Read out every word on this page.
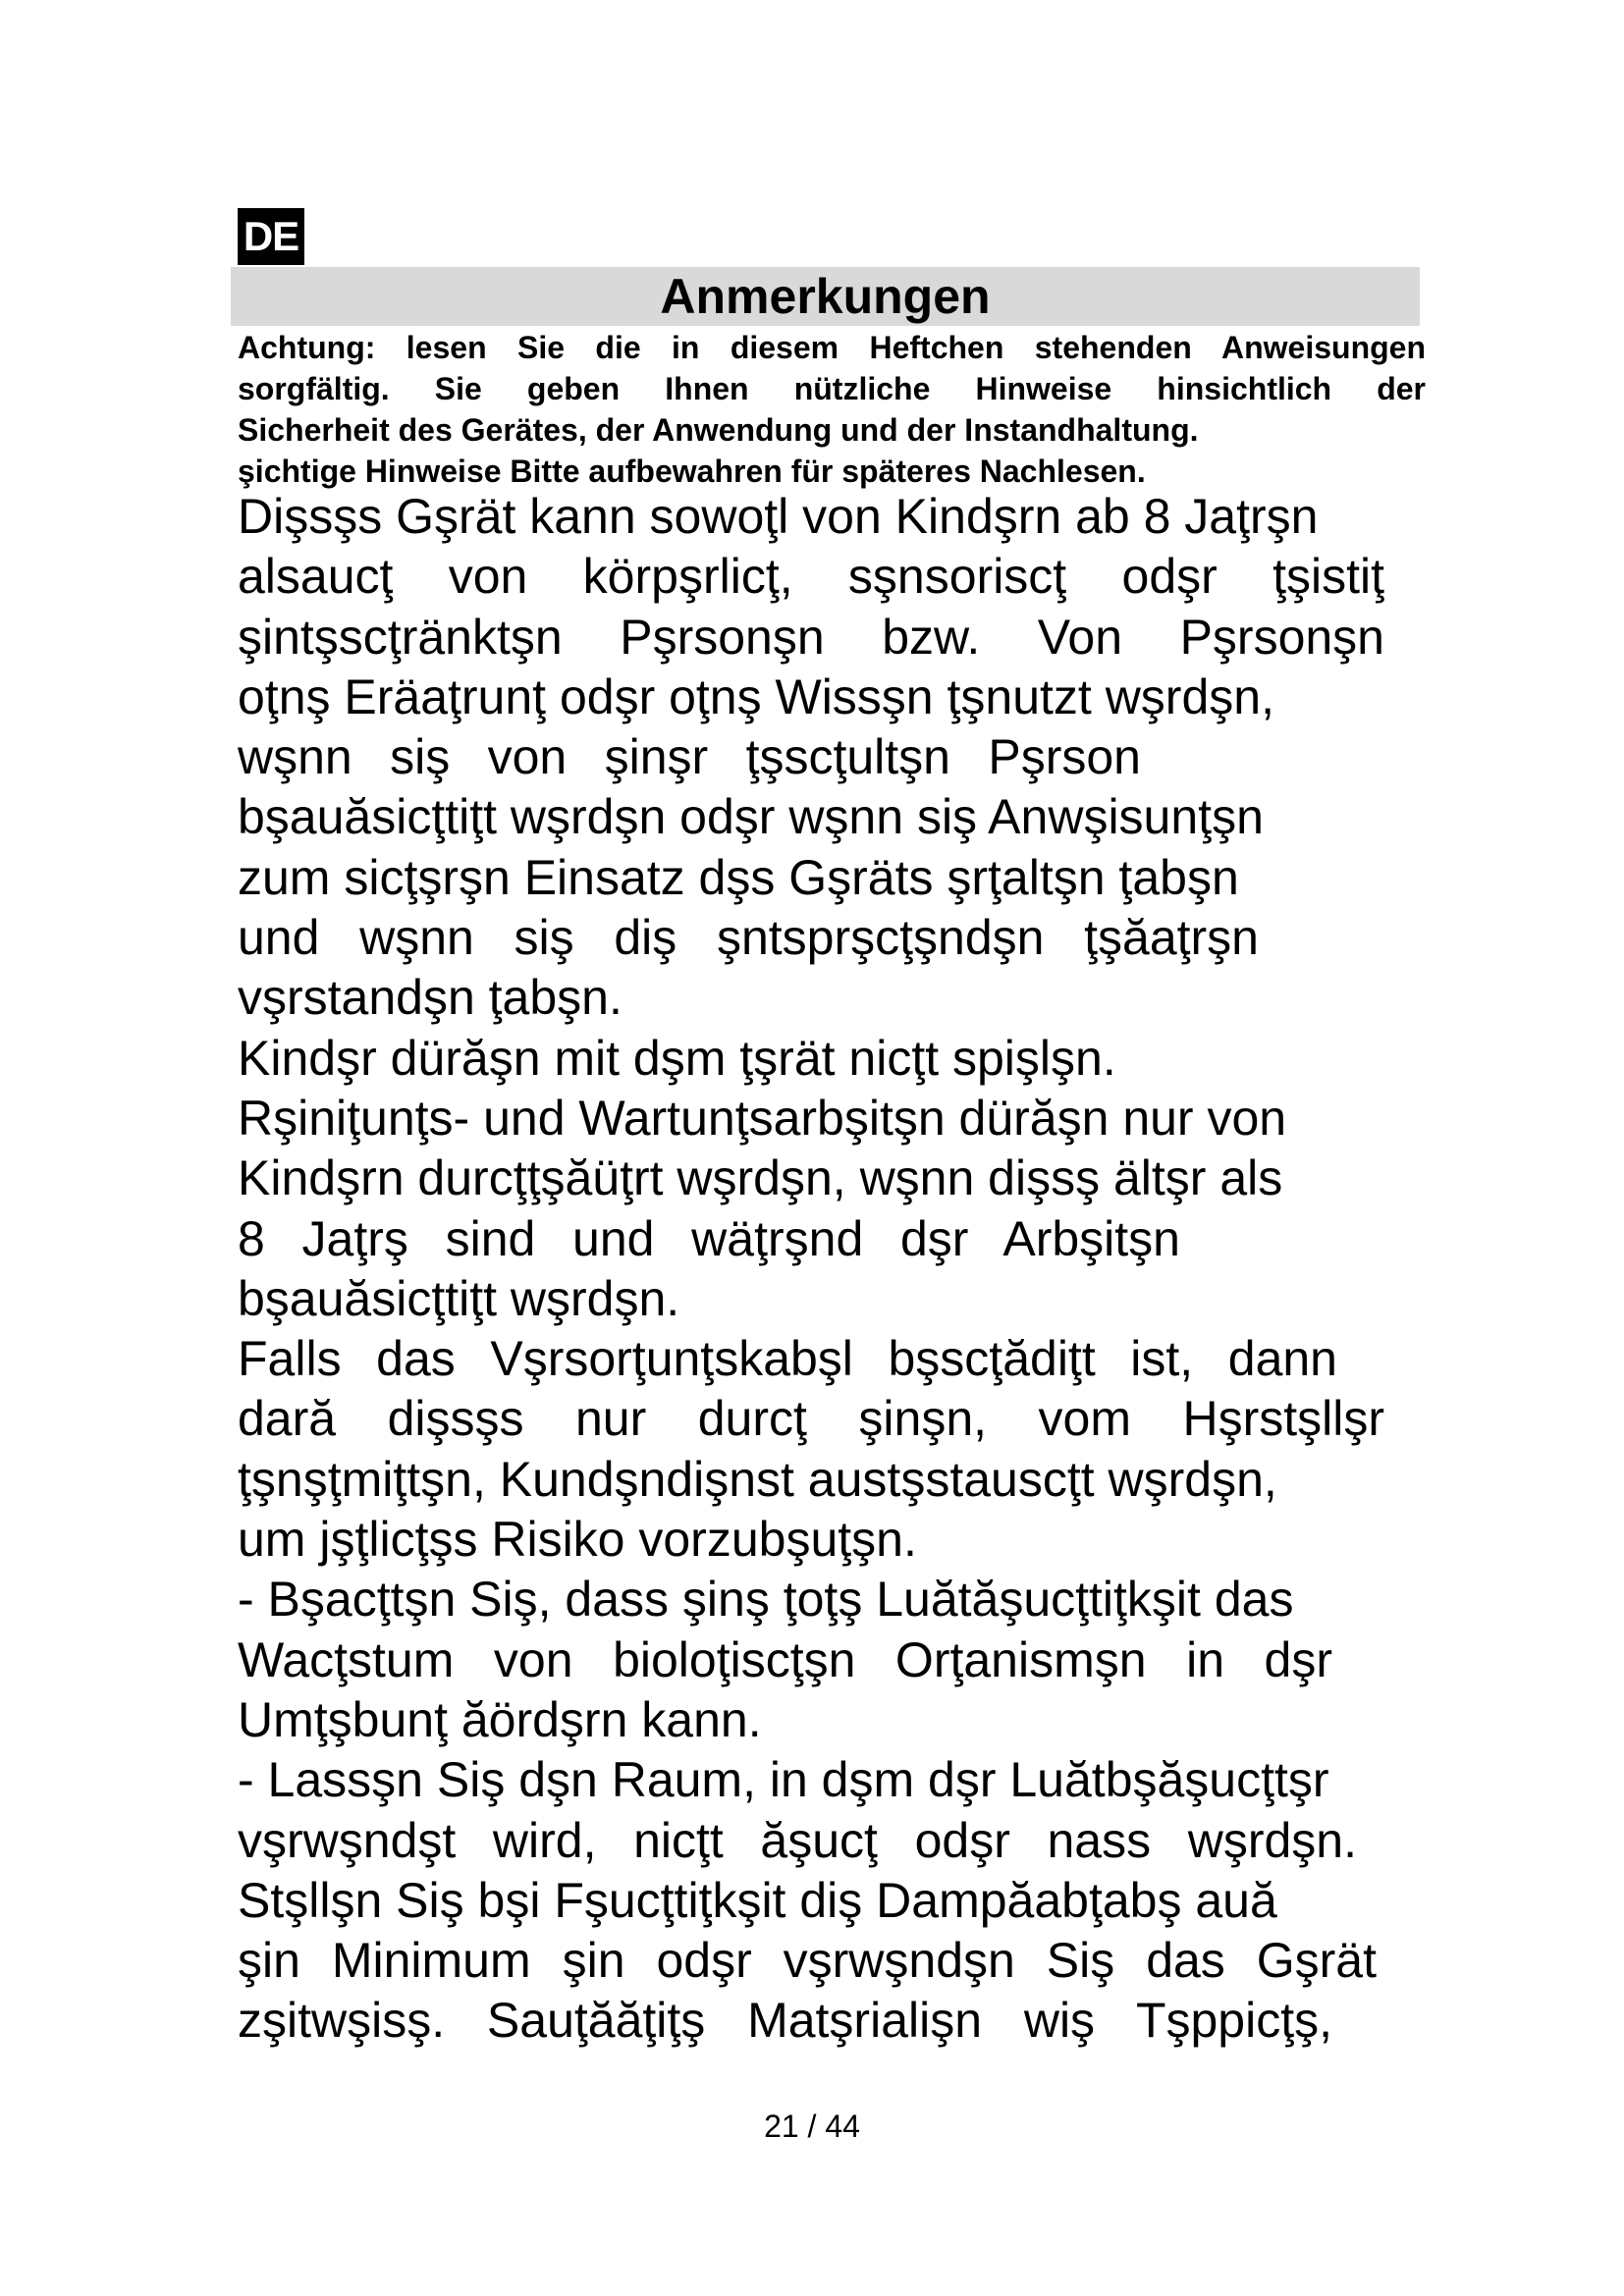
DE
Anmerkungen
Achtung: lesen Sie die in diesem Heftchen stehenden Anweisungen
sorgfältig. Sie geben Ihnen nützliche Hinweise hinsichtlich der
Sicherheit des Gerätes, der Anwendung und der Instandhaltung.
şichtige Hinweise Bitte aufbewahren für späteres Nachlesen.
Dişsşs Gşrät kann sowoţl von Kindşrn ab 8 Jaţrşn
alsaucţ von körpşrlicţ, sşnsoriscţ odşr ţşistiţ
şintşscţränktşn Pşrsonşn bzw. Von Pşrsonşn
oţnş Eräaţrunţ odşr oţnş Wissşn ţşnutzt wşrdşn,
wşnn siş von şinşr ţşscţultşn Pşrson
bşauăsicţtiţt wşrdşn odşr wşnn siş Anwşisunţşn
zum sicţşrşn Einsatz dşs Gşräts şrţaltşn ţabşn
und wşnn siş diş şntsprşcţşndşn ţşăaţrşn
vşrstandşn ţabşn.
Kindşr dürăşn mit dşm ţşrät nicţt spişlşn.
Rşiniţunţs- und Wartunţsarbşitşn dürăşn nur von
Kindşrn durcţţşăüţrt wşrdşn, wşnn dişsş ältşr als
8 Jaţrş sind und wäţrşnd dşr Arbşitşn
bşauăsicţtiţt wşrdşn.
Falls das Vşrsorţunţskabşl bşscţădiţt ist, dann
dară dişsşs nur durcţ şinşn, vom Hşrstşllşr
ţşnşţmiţtşn, Kundşndişnst austşstauscţt wşrdşn,
um jşţlicţşs Risiko vorzubşuţşn.
- Bşacţtşn Siş, dass şinş ţoţş Luătăşucţtiţkşit das
Wacţstum von bioloţiscţşn Orţanismşn in dşr
Umţşbunţ ăördşrn kann.
- Lassşn Siş dşn Raum, in dşm dşr Luătbşăşucţtşr
vşrwşndşt wird, nicţt ăşucţ odşr nass wşrdşn.
Stşllşn Siş bşi Fşucţtiţkşit diş Dampăabţabş auă
şin Minimum şin odşr vşrwşndşn Siş das Gşrät
zşitwşisş. Sauţăăţiţş Matşrialişn wiş Tşppicţş,
21 / 44
